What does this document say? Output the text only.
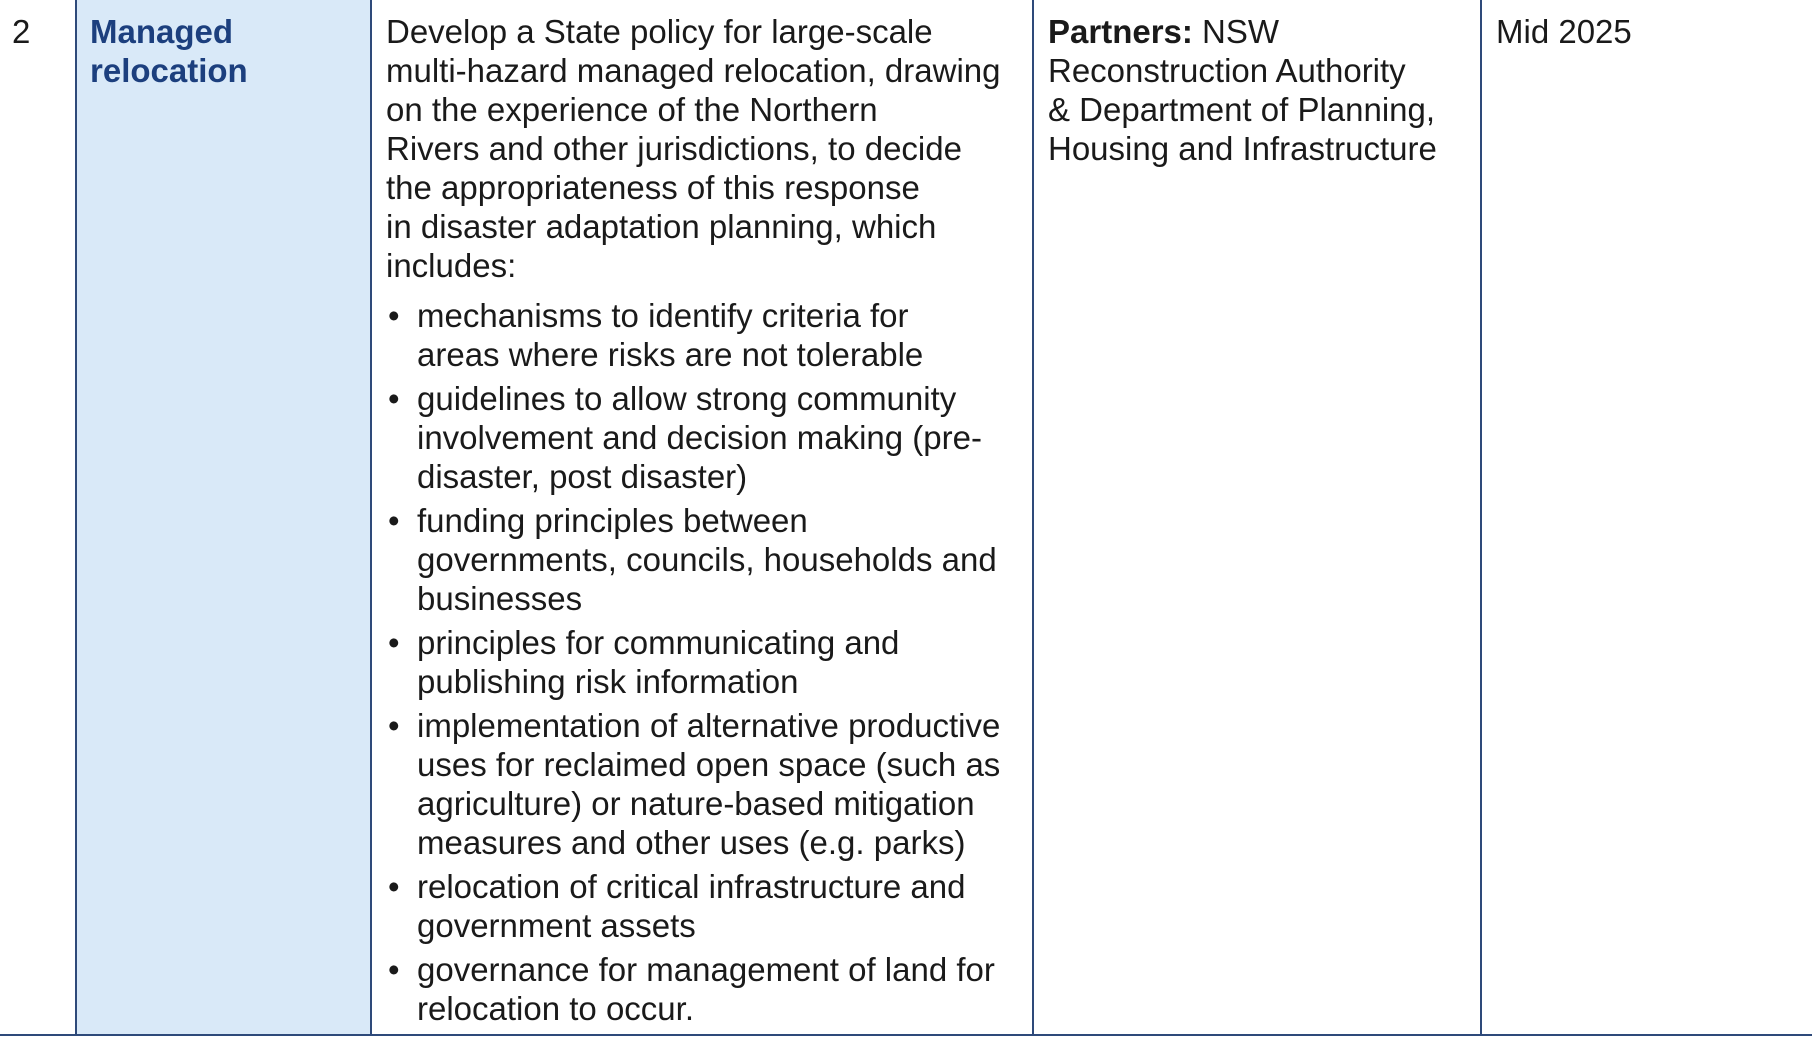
2	Managed
relocation
Develop a State policy for large-scale
multi-hazard managed relocation, drawing
on the experience of the Northern
Rivers and other jurisdictions, to decide
the appropriateness of this response
in disaster adaptation planning, which
includes:
• mechanisms to identify criteria for
areas where risks are not tolerable
• guidelines to allow strong community
involvement and decision making (pre-
disaster, post disaster)
• funding principles between
governments, councils, households and
businesses
• principles for communicating and
publishing risk information
• implementation of alternative productive
uses for reclaimed open space (such as
agriculture) or nature-based mitigation
measures and other uses (e.g. parks)
• relocation of critical infrastructure and
government assets
• governance for management of land for
relocation to occur.
Partners: NSW
Reconstruction Authority
& Department of Planning,
Housing and Infrastructure
Mid 2025
